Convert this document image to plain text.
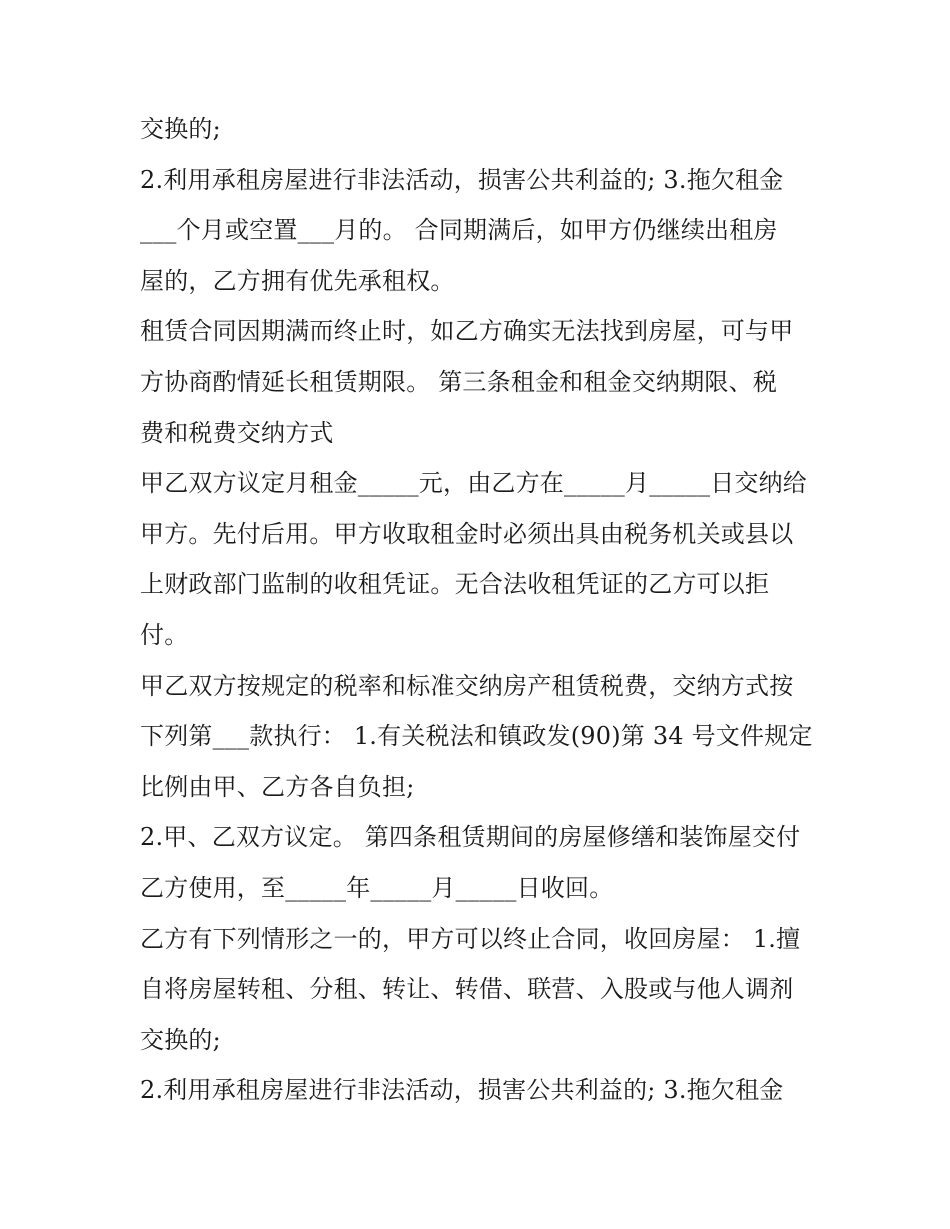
交换的;
2.利用承租房屋进行非法活动，损害公共利益的; 3.拖欠租金
___个月或空置___月的。 合同期满后，如甲方仍继续出租房
屋的，乙方拥有优先承租权。
租赁合同因期满而终止时，如乙方确实无法找到房屋，可与甲
方协商酌情延长租赁期限。 第三条租金和租金交纳期限、税
费和税费交纳方式
甲乙双方议定月租金_____元，由乙方在_____月_____日交纳给
甲方。先付后用。甲方收取租金时必须出具由税务机关或县以
上财政部门监制的收租凭证。无合法收租凭证的乙方可以拒
付。
甲乙双方按规定的税率和标准交纳房产租赁税费，交纳方式按
下列第___款执行： 1.有关税法和镇政发(90)第 34 号文件规定
比例由甲、乙方各自负担;
2.甲、乙双方议定。 第四条租赁期间的房屋修缮和装饰屋交付
乙方使用，至_____年_____月_____日收回。
乙方有下列情形之一的，甲方可以终止合同，收回房屋： 1.擅
自将房屋转租、分租、转让、转借、联营、入股或与他人调剂
交换的;
2.利用承租房屋进行非法活动，损害公共利益的; 3.拖欠租金
